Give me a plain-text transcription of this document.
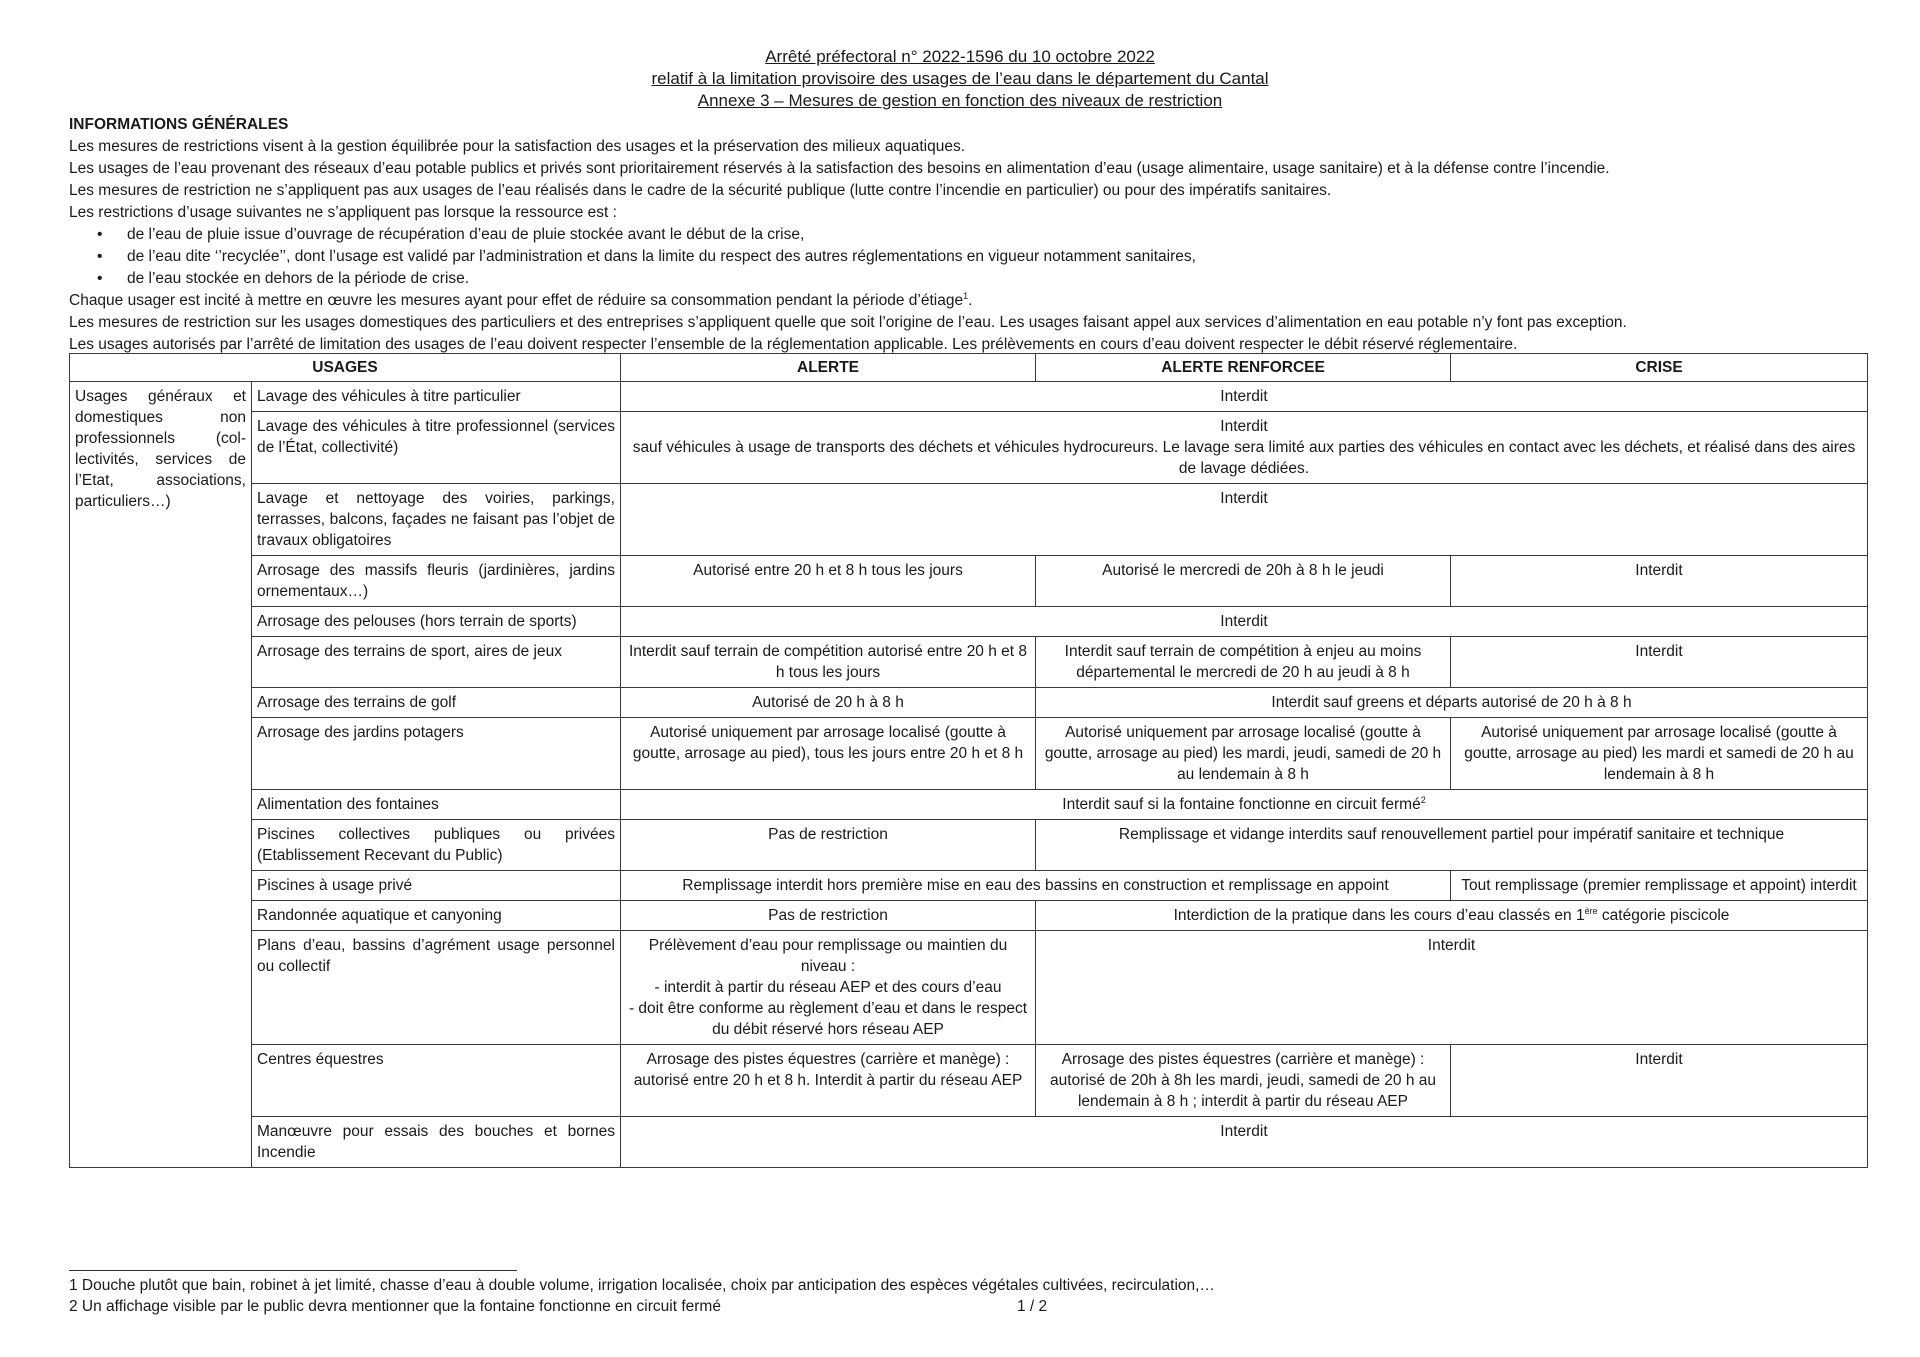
Arrêté préfectoral n° 2022-1596 du 10 octobre 2022
relatif à la limitation provisoire des usages de l’eau dans le département du Cantal
Annexe 3 – Mesures de gestion en fonction des niveaux de restriction
INFORMATIONS GÉNÉRALES
Les mesures de restrictions visent à la gestion équilibrée pour la satisfaction des usages et la préservation des milieux aquatiques.
Les usages de l’eau provenant des réseaux d’eau potable publics et privés sont prioritairement réservés à la satisfaction des besoins en alimentation d’eau (usage alimentaire, usage sanitaire) et à la défense contre l’incendie.
Les mesures de restriction ne s’appliquent pas aux usages de l’eau réalisés dans le cadre de la sécurité publique (lutte contre l’incendie en particulier) ou pour des impératifs sanitaires.
Les restrictions d’usage suivantes ne s’appliquent pas lorsque la ressource est :
• de l’eau de pluie issue d’ouvrage de récupération d’eau de pluie stockée avant le début de la crise,
• de l’eau dite ‘’recyclée’’, dont l’usage est validé par l’administration et dans la limite du respect des autres réglementations en vigueur notamment sanitaires,
• de l’eau stockée en dehors de la période de crise.
Chaque usager est incité à mettre en œuvre les mesures ayant pour effet de réduire sa consommation pendant la période d’étiage$^1$.
Les mesures de restriction sur les usages domestiques des particuliers et des entreprises s’appliquent quelle que soit l’origine de l’eau. Les usages faisant appel aux services d’alimentation en eau potable n’y font pas exception.
Les usages autorisés par l’arrêté de limitation des usages de l’eau doivent respecter l’ensemble de la réglementation applicable. Les prélèvements en cours d’eau doivent respecter le débit réservé réglementaire.
USAGES		ALERTE	ALERTE RENFORCEE	CRISE
Usages généraux et domestiques non professionnels (col-lectivités, services de l’Etat, associations, particuliers…)	Lavage des véhicules à titre particulier	Interdit		
	Lavage des véhicules à titre professionnel (services de l’État, collectivité)	Interdit
sauf véhicules à usage de transports des déchets et véhicules hydrocureurs. Le lavage sera limité aux parties des véhicules en contact avec les déchets, et réalisé dans des aires de lavage dédiées.		

	Lavage et nettoyage des voiries, parkings, terrasses, balcons, façades ne faisant pas l’objet de travaux obligatoires	Interdit		
	Arrosage des massifs fleuris (jardinières, jardins ornementaux…)	Autorisé entre 20 h et 8 h tous les jours	Autorisé le mercredi de 20h à 8 h le jeudi	Interdit
	Arrosage des pelouses (hors terrain de sports)	Interdit		
	Arrosage des terrains de sport, aires de jeux	Interdit sauf terrain de compétition autorisé entre 20 h et 8 h tous les jours	Interdit sauf terrain de compétition à enjeu au moins départemental le mercredi de 20 h au jeudi à 8 h	Interdit
	Arrosage des terrains de golf	Autorisé de 20 h à 8 h	Interdit sauf greens et départs autorisé de 20 h à 8 h	
	Arrosage des jardins potagers	Autorisé uniquement par arrosage localisé (goutte à goutte, arrosage au pied), tous les jours entre 20 h et 8 h	Autorisé uniquement par arrosage localisé (goutte à goutte, arrosage au pied) les mardi, jeudi, samedi de 20 h au lendemain à 8 h	Autorisé uniquement par arrosage localisé (goutte à goutte, arrosage au pied) les mardi et samedi de 20 h au lendemain à 8 h
	Alimentation des fontaines	Interdit sauf si la fontaine fonctionne en circuit fermé$^2$
	Piscines collectives publiques ou privées (Etablissement Recevant du Public)	Pas de restriction	Remplissage et vidange interdits sauf renouvellement partiel pour impératif sanitaire et technique	
	Piscines à usage privé	Remplissage interdit hors première mise en eau des bassins en construction et remplissage en appoint		Tout remplissage (premier remplissage et appoint) interdit
	Randonnée aquatique et canyoning	Pas de restriction	Interdiction de la pratique dans les cours d’eau classés en 1ère catégorie piscicole	
	Plans d’eau, bassins d’agrément usage personnel ou collectif	Prélèvement d’eau pour remplissage ou maintien du niveau :
- interdit à partir du réseau AEP et des cours d’eau
- doit être conforme au règlement d’eau et dans le respect du débit réservé hors réseau AEP	Interdit	
	Centres équestres	Arrosage des pistes équestres (carrière et manège) : autorisé entre 20 h et 8 h. Interdit à partir du réseau AEP	Arrosage des pistes équestres (carrière et manège) : autorisé de 20h à 8h les mardi, jeudi, samedi de 20 h au lendemain à 8 h ; interdit à partir du réseau AEP	Interdit
	Manœuvre pour essais des bouches et bornes Incendie	Interdit		
1 Douche plutôt que bain, robinet à jet limité, chasse d’eau à double volume, irrigation localisée, choix par anticipation des espèces végétales cultivées, recirculation,…
2 Un affichage visible par le public devra mentionner que la fontaine fonctionne en circuit fermé	1 / 2
